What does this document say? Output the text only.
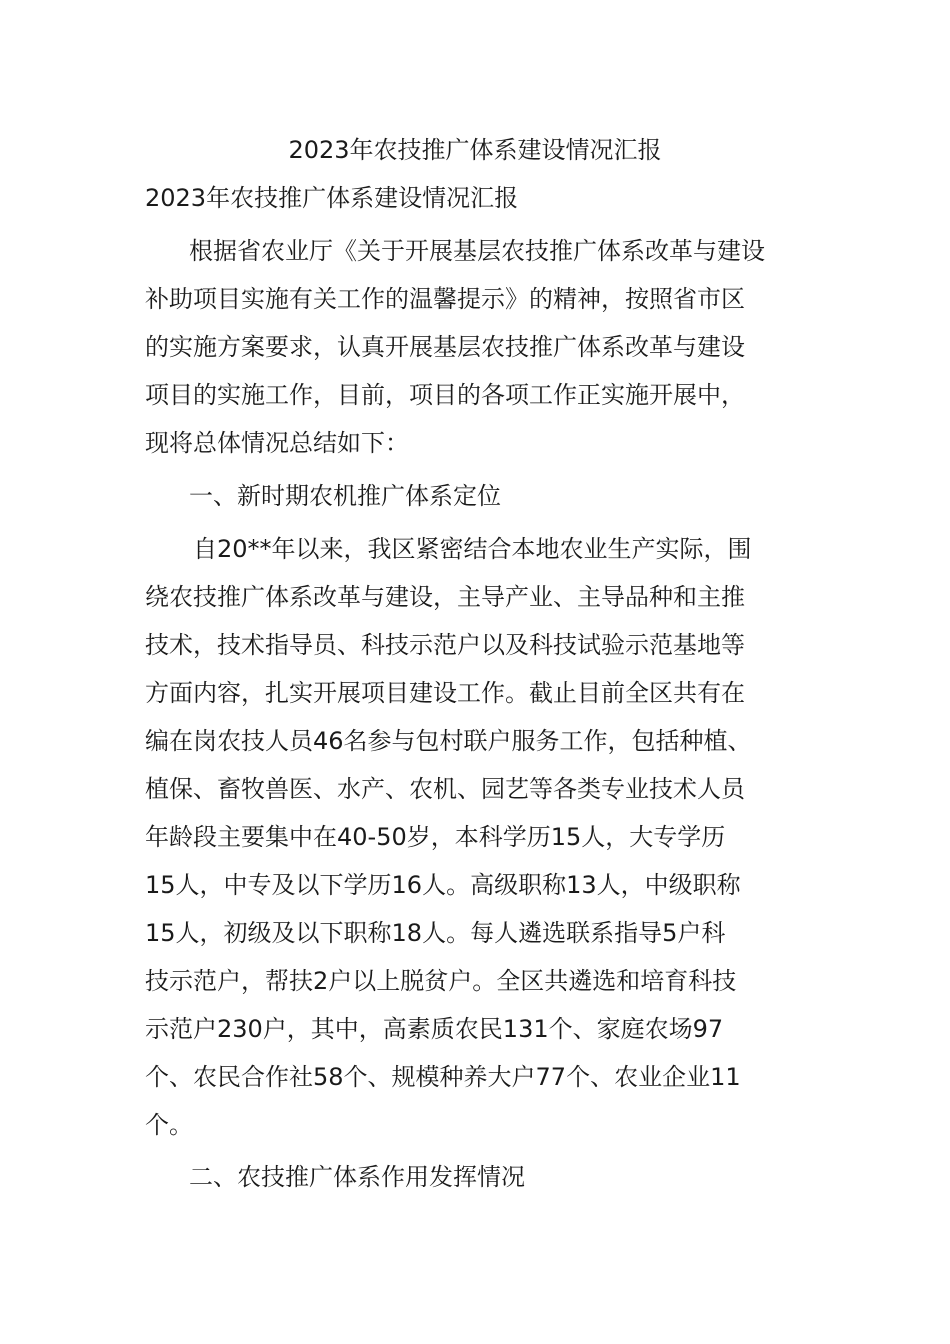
2023年农技推广体系建设情况汇报
2023年农技推广体系建设情况汇报
根据省农业厅《关于开展基层农技推广体系改革与建设
补助项目实施有关工作的温馨提示》的精神，按照省市区
的实施方案要求，认真开展基层农技推广体系改革与建设
项目的实施工作，目前，项目的各项工作正实施开展中，
现将总体情况总结如下：
一、新时期农机推广体系定位
自20**年以来，我区紧密结合本地农业生产实际，围
绕农技推广体系改革与建设，主导产业、主导品种和主推
技术，技术指导员、科技示范户以及科技试验示范基地等
方面内容，扎实开展项目建设工作。截止目前全区共有在
编在岗农技人员46名参与包村联户服务工作，包括种植、
植保、畜牧兽医、水产、农机、园艺等各类专业技术人员
年龄段主要集中在40-50岁，本科学历15人，大专学历
15人，中专及以下学历16人。高级职称13人，中级职称
15人，初级及以下职称18人。每人遴选联系指导5户科
技示范户，帮扶2户以上脱贫户。全区共遴选和培育科技
示范户230户，其中，高素质农民131个、家庭农场97
个、农民合作社58个、规模种养大户77个、农业企业11
个。
二、农技推广体系作用发挥情况
